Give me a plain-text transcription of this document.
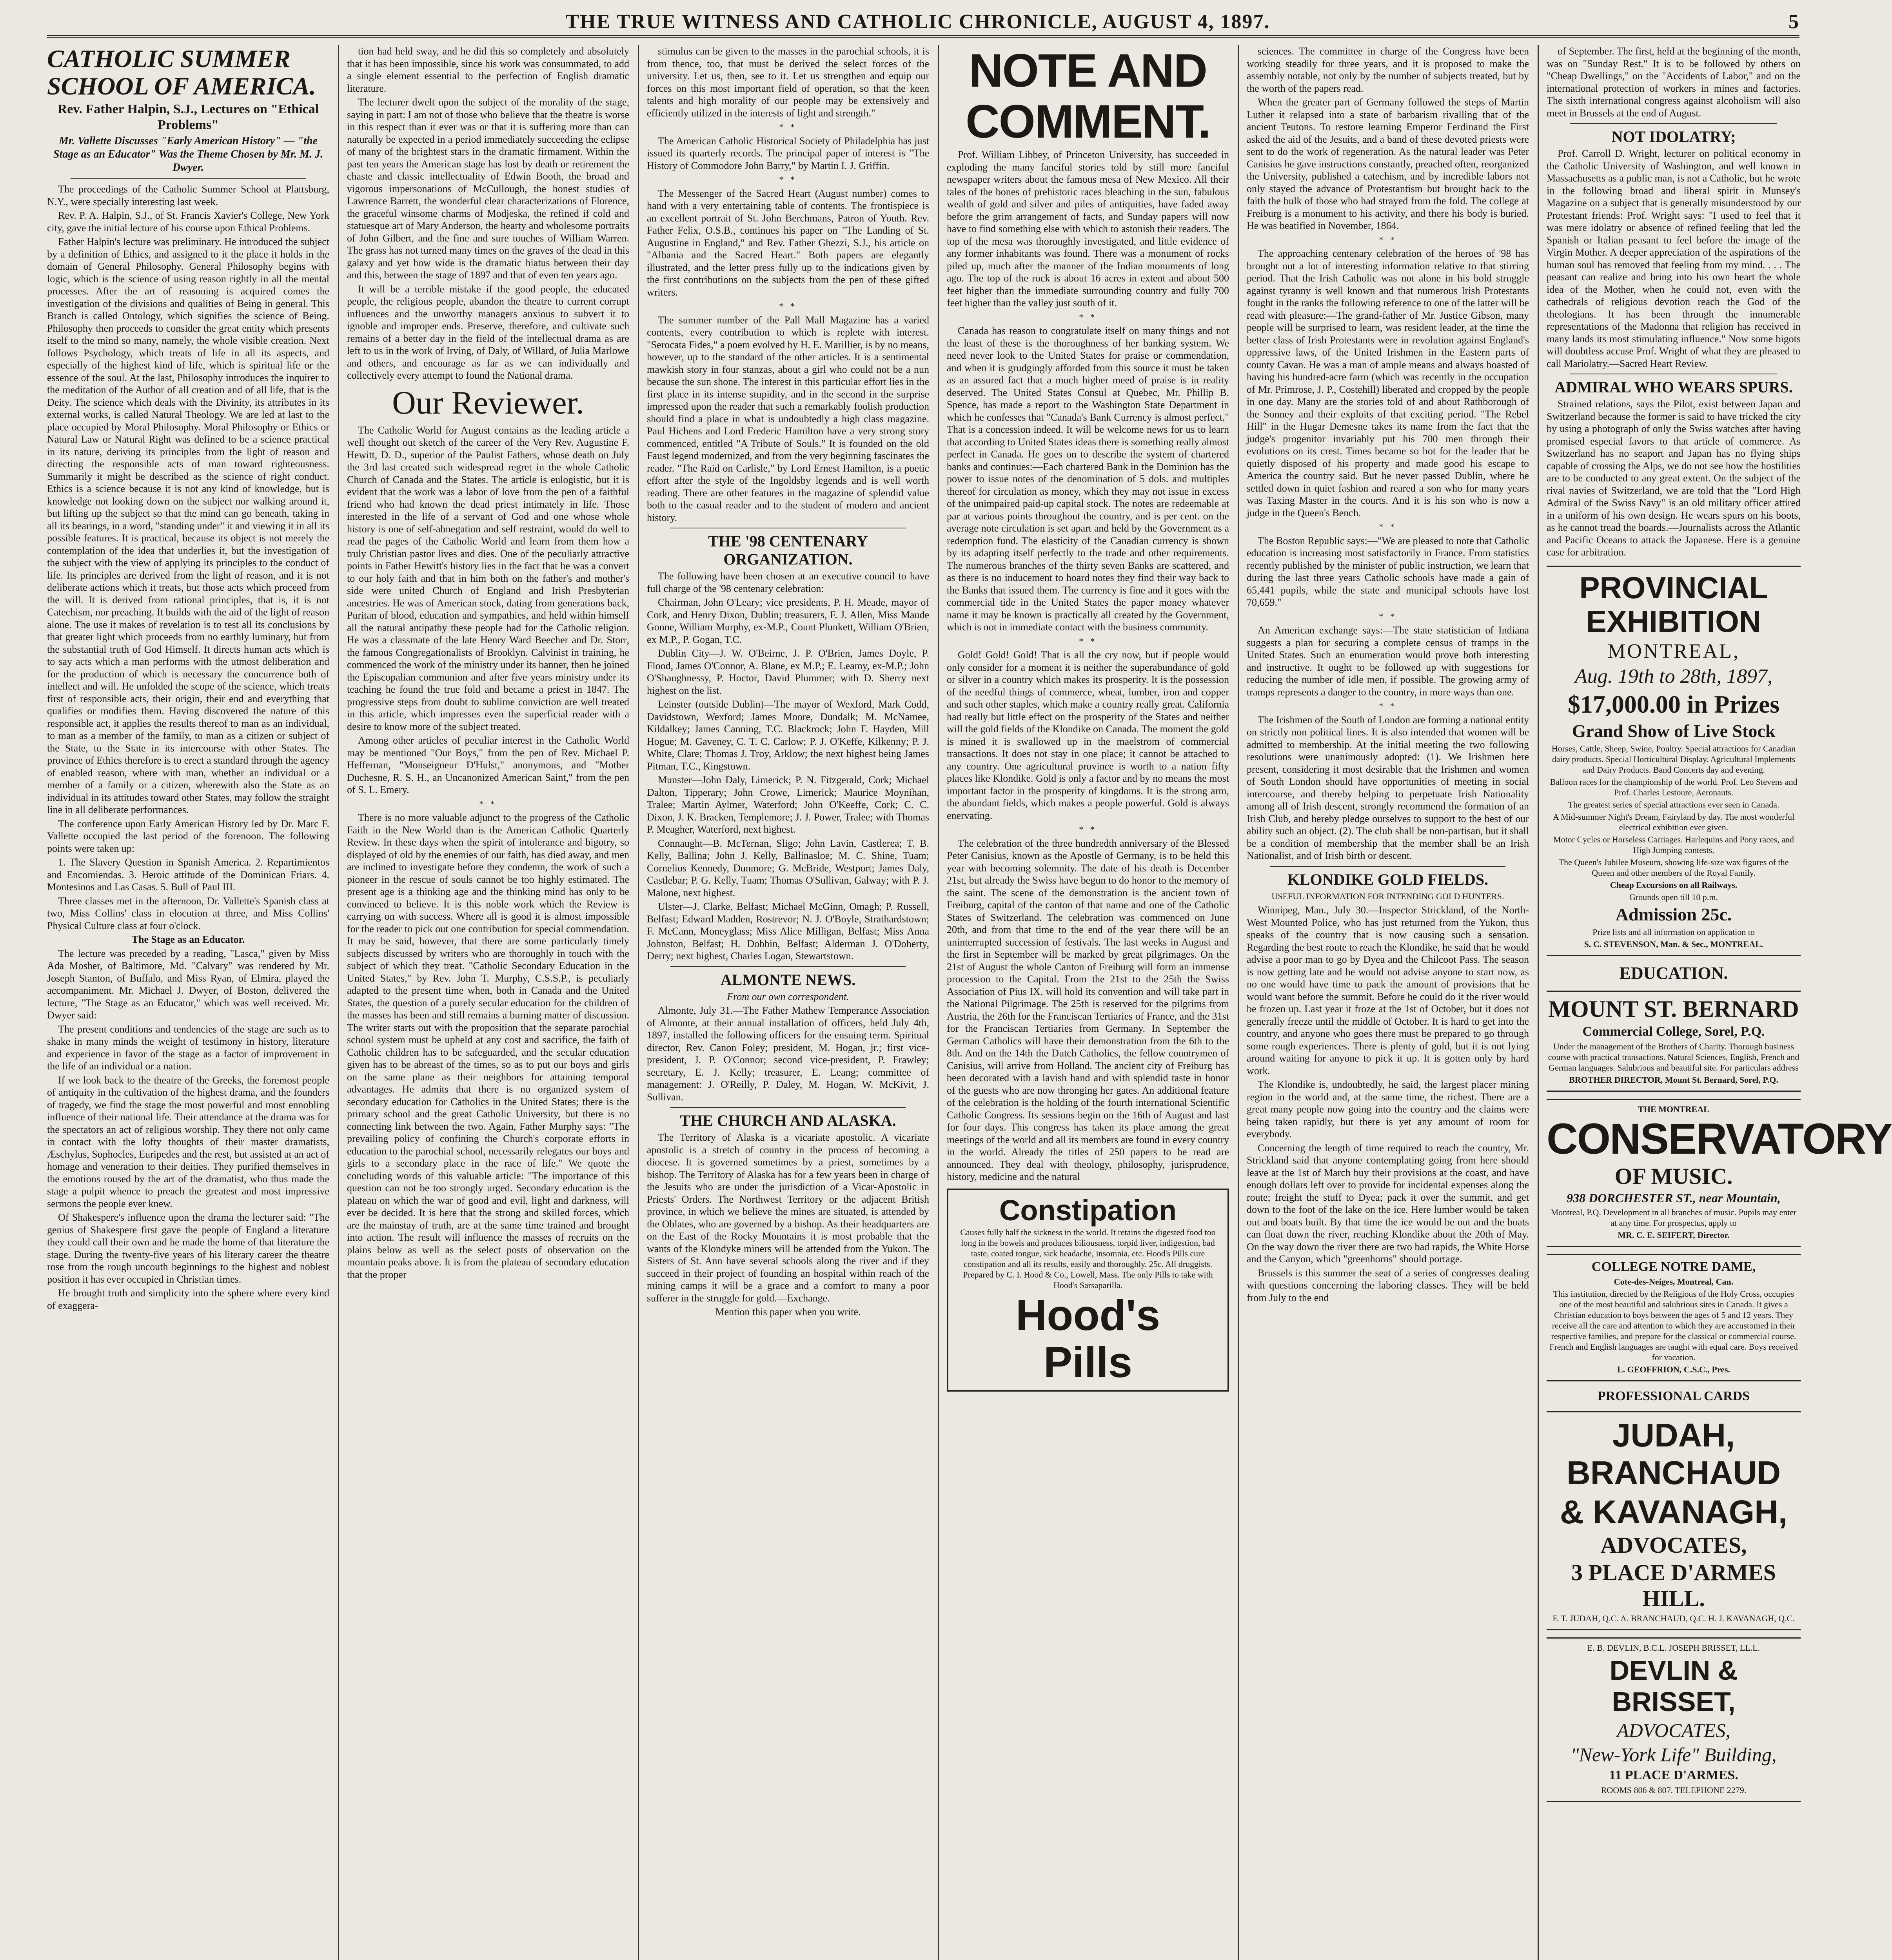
THE TRUE WITNESS AND CATHOLIC CHRONICLE, AUGUST 4, 1897.	5

CATHOLIC SUMMER SCHOOL OF AMERICA.

Rev. Father Halpin, S.J., Lectures on "Ethical Problems"

Mr. Vallette Discusses "Early American History" — "the Stage as an Educator" Was the Theme Chosen by Mr. M. J. Dwyer.

The proceedings of the Catholic Summer School at Plattsburg, N.Y., were specially interesting last week.

Rev. P. A. Halpin, S.J., of St. Francis Xavier's College, New York city, gave the initial lecture of his course upon Ethical Problems.

Father Halpin's lecture was preliminary. He introduced the subject by a definition of Ethics, and assigned to it the place it holds in the domain of General Philosophy. General Philosophy begins with logic, which is the science of using reason rightly in all the mental processes. After the art of reasoning is acquired comes the investigation of the divisions and qualities of Being in general. This Branch is called Ontology, which signifies the science of Being. Philosophy then proceeds to consider the great entity which presents itself to the mind so many, namely, the whole visible creation. Next follows Psychology, which treats of life in all its aspects, and especially of the highest kind of life, which is spiritual life or the essence of the soul. At the last, Philosophy introduces the inquirer to the meditation of the Author of all creation and of all life, that is the Deity. The science which deals with the Divinity, its attributes in its external works, is called Natural Theology. We are led at last to the place occupied by Moral Philosophy. Moral Philosophy or Ethics or Natural Law or Natural Right was defined to be a science practical in its nature, deriving its principles from the light of reason and directing the responsible acts of man toward righteousness. Summarily it might be described as the science of right conduct. Ethics is a science because it is not any kind of knowledge, but is knowledge not looking down on the subject nor walking around it, but lifting up the subject so that the mind can go beneath, taking in all its bearings, in a word, "standing under" it and viewing it in all its possible features. It is practical, because its object is not merely the contemplation of the idea that underlies it, but the investigation of the subject with the view of applying its principles to the conduct of life. Its principles are derived from the light of reason, and it is not deliberate actions which it treats, but those acts which proceed from the will. It is derived from rational principles, that is, it is not Catechism, nor preaching. It builds with the aid of the light of reason alone. The use it makes of revelation is to test all its conclusions by that greater light which proceeds from no earthly luminary, but from the substantial truth of God Himself. It directs human acts which is to say acts which a man performs with the utmost deliberation and for the production of which is necessary the concurrence both of intellect and will. He unfolded the scope of the science, which treats first of responsible acts, their origin, their end and everything that qualifies or modifies them. Having discovered the nature of this responsible act, it applies the results thereof to man as an individual, to man as a member of the family, to man as a citizen or subject of the State, to the State in its intercourse with other States. The province of Ethics therefore is to erect a standard through the agency of enabled reason, where with man, whether an individual or a member of a family or a citizen, wherewith also the State as an individual in its attitudes toward other States, may follow the straight line in all deliberate performances.

The conference upon Early American History led by Dr. Marc F. Vallette occupied the last period of the forenoon. The following points were taken up:

1. The Slavery Question in Spanish America. 2. Repartimientos and Encomiendas. 3. Heroic attitude of the Dominican Friars. 4. Montesinos and Las Casas. 5. Bull of Paul III.

Three classes met in the afternoon, Dr. Vallette's Spanish class at two, Miss Collins' class in elocution at three, and Miss Collins' Physical Culture class at four o'clock.

The Stage as an Educator.

The lecture was preceded by a reading, "Lasca," given by Miss Ada Mosher, of Baltimore, Md. "Calvary" was rendered by Mr. Joseph Stanton, of Buffalo, and Miss Ryan, of Elmira, played the accompaniment. Mr. Michael J. Dwyer, of Boston, delivered the lecture, "The Stage as an Educator," which was well received. Mr. Dwyer said:

The present conditions and tendencies of the stage are such as to shake in many minds the weight of testimony in history, literature and experience in favor of the stage as a factor of improvement in the life of an individual or a nation.

If we look back to the theatre of the Greeks, the foremost people of antiquity in the cultivation of the highest drama, and the founders of tragedy, we find the stage the most powerful and most ennobling influence of their national life. Their attendance at the drama was for the spectators an act of religious worship. They there not only came in contact with the lofty thoughts of their master dramatists, Æschylus, Sophocles, Euripedes and the rest, but assisted at an act of homage and veneration to their deities. They purified themselves in the emotions roused by the art of the dramatist, who thus made the stage a pulpit whence to preach the greatest and most impressive sermons the people ever knew.

Of Shakespere's influence upon the drama the lecturer said: "The genius of Shakespere first gave the people of England a literature they could call their own and he made the home of that literature the stage. During the twenty-five years of his literary career the theatre rose from the rough uncouth beginnings to the highest and noblest position it has ever occupied in Christian times.

He brought truth and simplicity into the sphere where every kind of exaggera-

tion had held sway, and he did this so completely and absolutely that it has been impossible, since his work was consummated, to add a single element essential to the perfection of English dramatic literature.

The lecturer dwelt upon the subject of the morality of the stage, saying in part: I am not of those who believe that the theatre is worse in this respect than it ever was or that it is suffering more than can naturally be expected in a period immediately succeeding the eclipse of many of the brightest stars in the dramatic firmament. Within the past ten years the American stage has lost by death or retirement the chaste and classic intellectuality of Edwin Booth, the broad and vigorous impersonations of McCullough, the honest studies of Lawrence Barrett, the wonderful clear characterizations of Florence, the graceful winsome charms of Modjeska, the refined if cold and statuesque art of Mary Anderson, the hearty and wholesome portraits of John Gilbert, and the fine and sure touches of William Warren. The grass has not turned many times on the graves of the dead in this galaxy and yet how wide is the dramatic hiatus between their day and this, between the stage of 1897 and that of even ten years ago.

It will be a terrible mistake if the good people, the educated people, the religious people, abandon the theatre to current corrupt influences and the unworthy managers anxious to subvert it to ignoble and improper ends. Preserve, therefore, and cultivate such remains of a better day in the field of the intellectual drama as are left to us in the work of Irving, of Daly, of Willard, of Julia Marlowe and others, and encourage as far as we can individually and collectively every attempt to found the National drama.

Our Reviewer.

The Catholic World for August contains as the leading article a well thought out sketch of the career of the Very Rev. Augustine F. Hewitt, D. D., superior of the Paulist Fathers, whose death on July the 3rd last created such widespread regret in the whole Catholic Church of Canada and the States. The article is eulogistic, but it is evident that the work was a labor of love from the pen of a faithful friend who had known the dead priest intimately in life. Those interested in the life of a servant of God and one whose whole history is one of self-abnegation and self restraint, would do well to read the pages of the Catholic World and learn from them how a truly Christian pastor lives and dies. One of the peculiarly attractive points in Father Hewitt's history lies in the fact that he was a convert to our holy faith and that in him both on the father's and mother's side were united Church of England and Irish Presbyterian ancestries. He was of American stock, dating from generations back, Puritan of blood, education and sympathies, and held within himself all the natural antipathy these people had for the Catholic religion. He was a classmate of the late Henry Ward Beecher and Dr. Storr, the famous Congregationalists of Brooklyn. Calvinist in training, he commenced the work of the ministry under its banner, then he joined the Episcopalian communion and after five years ministry under its teaching he found the true fold and became a priest in 1847. The progressive steps from doubt to sublime conviction are well treated in this article, which impresses even the superficial reader with a desire to know more of the subject treated.

Among other articles of peculiar interest in the Catholic World may be mentioned "Our Boys," from the pen of Rev. Michael P. Heffernan, "Monseigneur D'Hulst," anonymous, and "Mother Duchesne, R. S. H., an Uncanonized American Saint," from the pen of S. L. Emery.

* *

There is no more valuable adjunct to the progress of the Catholic Faith in the New World than is the American Catholic Quarterly Review. In these days when the spirit of intolerance and bigotry, so displayed of old by the enemies of our faith, has died away, and men are inclined to investigate before they condemn, the work of such a pioneer in the rescue of souls cannot be too highly estimated. The present age is a thinking age and the thinking mind has only to be convinced to believe. It is this noble work which the Review is carrying on with success. Where all is good it is almost impossible for the reader to pick out one contribution for special commendation. It may be said, however, that there are some particularly timely subjects discussed by writers who are thoroughly in touch with the subject of which they treat. "Catholic Secondary Education in the United States," by Rev. John T. Murphy, C.S.S.P., is peculiarly adapted to the present time when, both in Canada and the United States, the question of a purely secular education for the children of the masses has been and still remains a burning matter of discussion. The writer starts out with the proposition that the separate parochial school system must be upheld at any cost and sacrifice, the faith of Catholic children has to be safeguarded, and the secular education given has to be abreast of the times, so as to put our boys and girls on the same plane as their neighbors for attaining temporal advantages. He admits that there is no organized system of secondary education for Catholics in the United States; there is the primary school and the great Catholic University, but there is no connecting link between the two. Again, Father Murphy says: "The prevailing policy of confining the Church's corporate efforts in education to the parochial school, necessarily relegates our boys and girls to a secondary place in the race of life." We quote the concluding words of this valuable article: "The importance of this question can not be too strongly urged. Secondary education is the plateau on which the war of good and evil, light and darkness, will ever be decided. It is here that the strong and skilled forces, which are the mainstay of truth, are at the same time trained and brought into action. The result will influence the masses of recruits on the plains below as well as the select posts of observation on the mountain peaks above. It is from the plateau of secondary education that the proper

stimulus can be given to the masses in the parochial schools, it is from thence, too, that must be derived the select forces of the university. Let us, then, see to it. Let us strengthen and equip our forces on this most important field of operation, so that the keen talents and high morality of our people may be extensively and efficiently utilized in the interests of light and strength."

* *

The American Catholic Historical Society of Philadelphia has just issued its quarterly records. The principal paper of interest is "The History of Commodore John Barry," by Martin I. J. Griffin.

* *

The Messenger of the Sacred Heart (August number) comes to hand with a very entertaining table of contents. The frontispiece is an excellent portrait of St. John Berchmans, Patron of Youth. Rev. Father Felix, O.S.B., continues his paper on "The Landing of St. Augustine in England," and Rev. Father Ghezzi, S.J., his article on "Albania and the Sacred Heart." Both papers are elegantly illustrated, and the letter press fully up to the indications given by the first contributions on the subjects from the pen of these gifted writers.

* *

The summer number of the Pall Mall Magazine has a varied contents, every contribution to which is replete with interest. "Serocata Fides," a poem evolved by H. E. Marillier, is by no means, however, up to the standard of the other articles. It is a sentimental mawkish story in four stanzas, about a girl who could not be a nun because the sun shone. The interest in this particular effort lies in the first place in its intense stupidity, and in the second in the surprise impressed upon the reader that such a remarkably foolish production should find a place in what is undoubtedly a high class magazine. Paul Hichens and Lord Frederic Hamilton have a very strong story commenced, entitled "A Tribute of Souls." It is founded on the old Faust legend modernized, and from the very beginning fascinates the reader. "The Raid on Carlisle," by Lord Ernest Hamilton, is a poetic effort after the style of the Ingoldsby legends and is well worth reading. There are other features in the magazine of splendid value both to the casual reader and to the student of modern and ancient history.

THE '98 CENTENARY ORGANIZATION.

The following have been chosen at an executive council to have full charge of the '98 centenary celebration:

Chairman, John O'Leary; vice presidents, P. H. Meade, mayor of Cork, and Henry Dixon, Dublin; treasurers, F. J. Allen, Miss Maude Gonne, William Murphy, ex-M.P., Count Plunkett, William O'Brien, ex M.P., P. Gogan, T.C.

Dublin City—J. W. O'Beirne, J. P. O'Brien, James Doyle, P. Flood, James O'Connor, A. Blane, ex M.P.; E. Leamy, ex-M.P.; John O'Shaughnessy, P. Hoctor, David Plummer; with D. Sherry next highest on the list.

Leinster (outside Dublin)—The mayor of Wexford, Mark Codd, Davidstown, Wexford; James Moore, Dundalk; M. McNamee, Kildalkey; James Canning, T.C. Blackrock; John F. Hayden, Mill Hogue; M. Gaveney, C. T. C. Carlow; P. J. O'Keffe, Kilkenny; P. J. White, Clare; Thomas J. Troy, Arklow; the next highest being James Pitman, T.C., Kingstown.

Munster—John Daly, Limerick; P. N. Fitzgerald, Cork; Michael Dalton, Tipperary; John Crowe, Limerick; Maurice Moynihan, Tralee; Martin Aylmer, Waterford; John O'Keeffe, Cork; C. C. Dixon, J. K. Bracken, Templemore; J. J. Power, Tralee; with Thomas P. Meagher, Waterford, next highest.

Connaught—B. McTernan, Sligo; John Lavin, Castlerea; T. B. Kelly, Ballina; John J. Kelly, Ballinasloe; M. C. Shine, Tuam; Cornelius Kennedy, Dunmore; G. McBride, Westport; James Daly, Castlebar; P. G. Kelly, Tuam; Thomas O'Sullivan, Galway; with P. J. Malone, next highest.

Ulster—J. Clarke, Belfast; Michael McGinn, Omagh; P. Russell, Belfast; Edward Madden, Rostrevor; N. J. O'Boyle, Strathardstown; F. McCann, Moneyglass; Miss Alice Milligan, Belfast; Miss Anna Johnston, Belfast; H. Dobbin, Belfast; Alderman J. O'Doherty, Derry; next highest, Charles Logan, Stewartstown.

ALMONTE NEWS.

From our own correspondent.

Almonte, July 31.—The Father Mathew Temperance Association of Almonte, at their annual installation of officers, held July 4th, 1897, installed the following officers for the ensuing term. Spiritual director, Rev. Canon Foley; president, M. Hogan, jr.; first vice-president, J. P. O'Connor; second vice-president, P. Frawley; secretary, E. J. Kelly; treasurer, E. Leang; committee of management: J. O'Reilly, P. Daley, M. Hogan, W. McKivit, J. Sullivan.

THE CHURCH AND ALASKA.

The Territory of Alaska is a vicariate apostolic. A vicariate apostolic is a stretch of country in the process of becoming a diocese. It is governed sometimes by a priest, sometimes by a bishop. The Territory of Alaska has for a few years been in charge of the Jesuits who are under the jurisdiction of a Vicar-Apostolic in Priests' Orders. The Northwest Territory or the adjacent British province, in which we believe the mines are situated, is attended by the Oblates, who are governed by a bishop. As their headquarters are on the East of the Rocky Mountains it is most probable that the wants of the Klondyke miners will be attended from the Yukon. The Sisters of St. Ann have several schools along the river and if they succeed in their project of founding an hospital within reach of the mining camps it will be a grace and a comfort to many a poor sufferer in the struggle for gold.—Exchange.

Mention this paper when you write.

NOTE AND COMMENT.

Prof. William Libbey, of Princeton University, has succeeded in exploding the many fanciful stories told by still more fanciful newspaper writers about the famous mesa of New Mexico. All their tales of the bones of prehistoric races bleaching in the sun, fabulous wealth of gold and silver and piles of antiquities, have faded away before the grim arrangement of facts, and Sunday papers will now have to find something else with which to astonish their readers. The top of the mesa was thoroughly investigated, and little evidence of any former inhabitants was found. There was a monument of rocks piled up, much after the manner of the Indian monuments of long ago. The top of the rock is about 16 acres in extent and about 500 feet higher than the immediate surrounding country and fully 700 feet higher than the valley just south of it.

* *

Canada has reason to congratulate itself on many things and not the least of these is the thoroughness of her banking system. We need never look to the United States for praise or commendation, and when it is grudgingly afforded from this source it must be taken as an assured fact that a much higher meed of praise is in reality deserved. The United States Consul at Quebec, Mr. Phillip B. Spence, has made a report to the Washington State Department in which he confesses that "Canada's Bank Currency is almost perfect." That is a concession indeed. It will be welcome news for us to learn that according to United States ideas there is something really almost perfect in Canada. He goes on to describe the system of chartered banks and continues:—Each chartered Bank in the Dominion has the power to issue notes of the denomination of 5 dols. and multiples thereof for circulation as money, which they may not issue in excess of the unimpaired paid-up capital stock. The notes are redeemable at par at various points throughout the country, and is per cent. on the average note circulation is set apart and held by the Government as a redemption fund. The elasticity of the Canadian currency is shown by its adapting itself perfectly to the trade and other requirements. The numerous branches of the thirty seven Banks are scattered, and as there is no inducement to hoard notes they find their way back to the Banks that issued them. The currency is fine and it goes with the commercial tide in the United States the paper money whatever name it may be known is practically all created by the Government, which is not in immediate contact with the business community.

* *

Gold! Gold! Gold! That is all the cry now, but if people would only consider for a moment it is neither the superabundance of gold or silver in a country which makes its prosperity. It is the possession of the needful things of commerce, wheat, lumber, iron and copper and such other staples, which make a country really great. California had really but little effect on the prosperity of the States and neither will the gold fields of the Klondike on Canada. The moment the gold is mined it is swallowed up in the maelstrom of commercial transactions. It does not stay in one place; it cannot be attached to any country. One agricultural province is worth to a nation fifty places like Klondike. Gold is only a factor and by no means the most important factor in the prosperity of kingdoms. It is the strong arm, the abundant fields, which makes a people powerful. Gold is always enervating.

* *

The celebration of the three hundredth anniversary of the Blessed Peter Canisius, known as the Apostle of Germany, is to be held this year with becoming solemnity. The date of his death is December 21st, but already the Swiss have begun to do honor to the memory of the saint. The scene of the demonstration is the ancient town of Freiburg, capital of the canton of that name and one of the Catholic States of Switzerland. The celebration was commenced on June 20th, and from that time to the end of the year there will be an uninterrupted succession of festivals. The last weeks in August and the first in September will be marked by great pilgrimages. On the 21st of August the whole Canton of Freiburg will form an immense procession to the Capital. From the 21st to the 25th the Swiss Association of Pius IX. will hold its convention and will take part in the National Pilgrimage. The 25th is reserved for the pilgrims from Austria, the 26th for the Franciscan Tertiaries of France, and the 31st for the Franciscan Tertiaries from Germany. In September the German Catholics will have their demonstration from the 6th to the 8th. And on the 14th the Dutch Catholics, the fellow countrymen of Canisius, will arrive from Holland. The ancient city of Freiburg has been decorated with a lavish hand and with splendid taste in honor of the guests who are now thronging her gates. An additional feature of the celebration is the holding of the fourth international Scientific Catholic Congress. Its sessions begin on the 16th of August and last for four days. This congress has taken its place among the great meetings of the world and all its members are found in every country in the world. Already the titles of 250 papers to be read are announced. They deal with theology, philosophy, jurisprudence, history, medicine and the natural

Constipation

Causes fully half the sickness in the world. It retains the digested food too long in the bowels and produces biliousness, torpid liver, indigestion, bad taste, coated tongue, sick headache, insomnia, etc. Hood's Pills cure constipation and all its results, easily and thoroughly. 25c. All druggists. Prepared by C. I. Hood & Co., Lowell, Mass. The only Pills to take with Hood's Sarsaparilla.

Hood's
Pills

sciences. The committee in charge of the Congress have been working steadily for three years, and it is proposed to make the assembly notable, not only by the number of subjects treated, but by the worth of the papers read.

When the greater part of Germany followed the steps of Martin Luther it relapsed into a state of barbarism rivalling that of the ancient Teutons. To restore learning Emperor Ferdinand the First asked the aid of the Jesuits, and a band of these devoted priests were sent to do the work of regeneration. As the natural leader was Peter Canisius he gave instructions constantly, preached often, reorganized the University, published a catechism, and by incredible labors not only stayed the advance of Protestantism but brought back to the faith the bulk of those who had strayed from the fold. The college at Freiburg is a monument to his activity, and there his body is buried. He was beatified in November, 1864.

* *

The approaching centenary celebration of the heroes of '98 has brought out a lot of interesting information relative to that stirring period. That the Irish Catholic was not alone in his bold struggle against tyranny is well known and that numerous Irish Protestants fought in the ranks the following reference to one of the latter will be read with pleasure:—The grand-father of Mr. Justice Gibson, many people will be surprised to learn, was resident leader, at the time the better class of Irish Protestants were in revolution against England's oppressive laws, of the United Irishmen in the Eastern parts of county Cavan. He was a man of ample means and always boasted of having his hundred-acre farm (which was recently in the occupation of Mr. Primrose, J. P., Costehill) liberated and cropped by the people in one day. Many are the stories told of and about Rathborough of the Sonney and their exploits of that exciting period. "The Rebel Hill" in the Hugar Demesne takes its name from the fact that the judge's progenitor invariably put his 700 men through their evolutions on its crest. Times became so hot for the leader that he quietly disposed of his property and made good his escape to America the country said. But he never passed Dublin, where he settled down in quiet fashion and reared a son who for many years was Taxing Master in the courts. And it is his son who is now a judge in the Queen's Bench.

* *

The Boston Republic says:—"We are pleased to note that Catholic education is increasing most satisfactorily in France. From statistics recently published by the minister of public instruction, we learn that during the last three years Catholic schools have made a gain of 65,441 pupils, while the state and municipal schools have lost 70,659."

* *

An American exchange says:—The state statistician of Indiana suggests a plan for securing a complete census of tramps in the United States. Such an enumeration would prove both interesting and instructive. It ought to be followed up with suggestions for reducing the number of idle men, if possible. The growing army of tramps represents a danger to the country, in more ways than one.

* *

The Irishmen of the South of London are forming a national entity on strictly non political lines. It is also intended that women will be admitted to membership. At the initial meeting the two following resolutions were unanimously adopted: (1). We Irishmen here present, considering it most desirable that the Irishmen and women of South London should have opportunities of meeting in social intercourse, and thereby helping to perpetuate Irish Nationality among all of Irish descent, strongly recommend the formation of an Irish Club, and hereby pledge ourselves to support to the best of our ability such an object. (2). The club shall be non-partisan, but it shall be a condition of membership that the member shall be an Irish Nationalist, and of Irish birth or descent.

KLONDIKE GOLD FIELDS.

USEFUL INFORMATION FOR INTENDING GOLD HUNTERS.

Winnipeg, Man., July 30.—Inspector Strickland, of the North-West Mounted Police, who has just returned from the Yukon, thus speaks of the country that is now causing such a sensation. Regarding the best route to reach the Klondike, he said that he would advise a poor man to go by Dyea and the Chilcoot Pass. The season is now getting late and he would not advise anyone to start now, as no one would have time to pack the amount of provisions that he would want before the summit. Before he could do it the river would be frozen up. Last year it froze at the 1st of October, but it does not generally freeze until the middle of October. It is hard to get into the country, and anyone who goes there must be prepared to go through some rough experiences. There is plenty of gold, but it is not lying around waiting for anyone to pick it up. It is gotten only by hard work.

The Klondike is, undoubtedly, he said, the largest placer mining region in the world and, at the same time, the richest. There are a great many people now going into the country and the claims were being taken rapidly, but there is yet any amount of room for everybody.

Concerning the length of time required to reach the country, Mr. Strickland said that anyone contemplating going from here should leave at the 1st of March buy their provisions at the coast, and have enough dollars left over to provide for incidental expenses along the route; freight the stuff to Dyea; pack it over the summit, and get down to the foot of the lake on the ice. Here lumber would be taken out and boats built. By that time the ice would be out and the boats can float down the river, reaching Klondike about the 20th of May. On the way down the river there are two bad rapids, the White Horse and the Canyon, which "greenhorns" should portage.

Brussels is this summer the seat of a series of congresses dealing with questions concerning the laboring classes. They will be held from July to the end

of September. The first, held at the beginning of the month, was on "Sunday Rest." It is to be followed by others on "Cheap Dwellings," on the "Accidents of Labor," and on the international protection of workers in mines and factories. The sixth international congress against alcoholism will also meet in Brussels at the end of August.

NOT IDOLATRY;

Prof. Carroll D. Wright, lecturer on political economy in the Catholic University of Washington, and well known in Massachusetts as a public man, is not a Catholic, but he wrote in the following broad and liberal spirit in Munsey's Magazine on a subject that is generally misunderstood by our Protestant friends: Prof. Wright says: "I used to feel that it was mere idolatry or absence of refined feeling that led the Spanish or Italian peasant to feel before the image of the Virgin Mother. A deeper appreciation of the aspirations of the human soul has removed that feeling from my mind. . . . The peasant can realize and bring into his own heart the whole idea of the Mother, when he could not, even with the cathedrals of religious devotion reach the God of the theologians. It has been through the innumerable representations of the Madonna that religion has received in many lands its most stimulating influence." Now some bigots will doubtless accuse Prof. Wright of what they are pleased to call Mariolatry.—Sacred Heart Review.

ADMIRAL WHO WEARS SPURS.

Strained relations, says the Pilot, exist between Japan and Switzerland because the former is said to have tricked the city by using a photograph of only the Swiss watches after having promised especial favors to that article of commerce. As Switzerland has no seaport and Japan has no flying ships capable of crossing the Alps, we do not see how the hostilities are to be conducted to any great extent. On the subject of the rival navies of Switzerland, we are told that the "Lord High Admiral of the Swiss Navy" is an old military officer attired in a uniform of his own design. He wears spurs on his boots, as he cannot tread the boards.—Journalists across the Atlantic and Pacific Oceans to attack the Japanese. Here is a genuine case for arbitration.

PROVINCIAL EXHIBITION

MONTREAL,

Aug. 19th to 28th, 1897,

$17,000.00 in Prizes

Grand Show of Live Stock

Horses, Cattle, Sheep, Swine, Poultry. Special attractions for Canadian dairy products. Special Horticultural Display. Agricultural Implements and Dairy Products. Band Concerts day and evening.

Balloon races for the championship of the world. Prof. Leo Stevens and Prof. Charles Lestoure, Aeronauts.

The greatest series of special attractions ever seen in Canada.

A Mid-summer Night's Dream, Fairyland by day. The most wonderful electrical exhibition ever given.

Motor Cycles or Horseless Carriages. Harlequins and Pony races, and High Jumping contests.

The Queen's Jubilee Museum, showing life-size wax figures of the Queen and other members of the Royal Family.

Cheap Excursions on all Railways.

Grounds open till 10 p.m.

Admission 25c.

Prize lists and all information on application to

S. C. STEVENSON, Man. & Sec., MONTREAL.

EDUCATION.

MOUNT ST. BERNARD

Commercial College, Sorel, P.Q.

Under the management of the Brothers of Charity. Thorough business course with practical transactions. Natural Sciences, English, French and German languages. Salubrious and beautiful site. For particulars address

BROTHER DIRECTOR, Mount St. Bernard, Sorel, P.Q.

THE MONTREAL

CONSERVATORY

OF MUSIC.

938 DORCHESTER ST., near Mountain,

Montreal, P.Q. Development in all branches of music. Pupils may enter at any time. For prospectus, apply to

MR. C. E. SEIFERT, Director.

COLLEGE NOTRE DAME,

Cote-des-Neiges, Montreal, Can.

This institution, directed by the Religious of the Holy Cross, occupies one of the most beautiful and salubrious sites in Canada. It gives a Christian education to boys between the ages of 5 and 12 years. They receive all the care and attention to which they are accustomed in their respective families, and prepare for the classical or commercial course. French and English languages are taught with equal care. Boys received for vacation.

L. GEOFFRION, C.S.C., Pres.

PROFESSIONAL CARDS

JUDAH, BRANCHAUD

& KAVANAGH,

ADVOCATES,

3 PLACE D'ARMES HILL.

F. T. JUDAH, Q.C. A. BRANCHAUD, Q.C. H. J. KAVANAGH, Q.C.

E. B. DEVLIN, B.C.L. JOSEPH BRISSET, LL.L.

DEVLIN & BRISSET,

ADVOCATES,

"New-York Life" Building,

11 PLACE D'ARMES.

ROOMS 806 & 807. TELEPHONE 2279.
